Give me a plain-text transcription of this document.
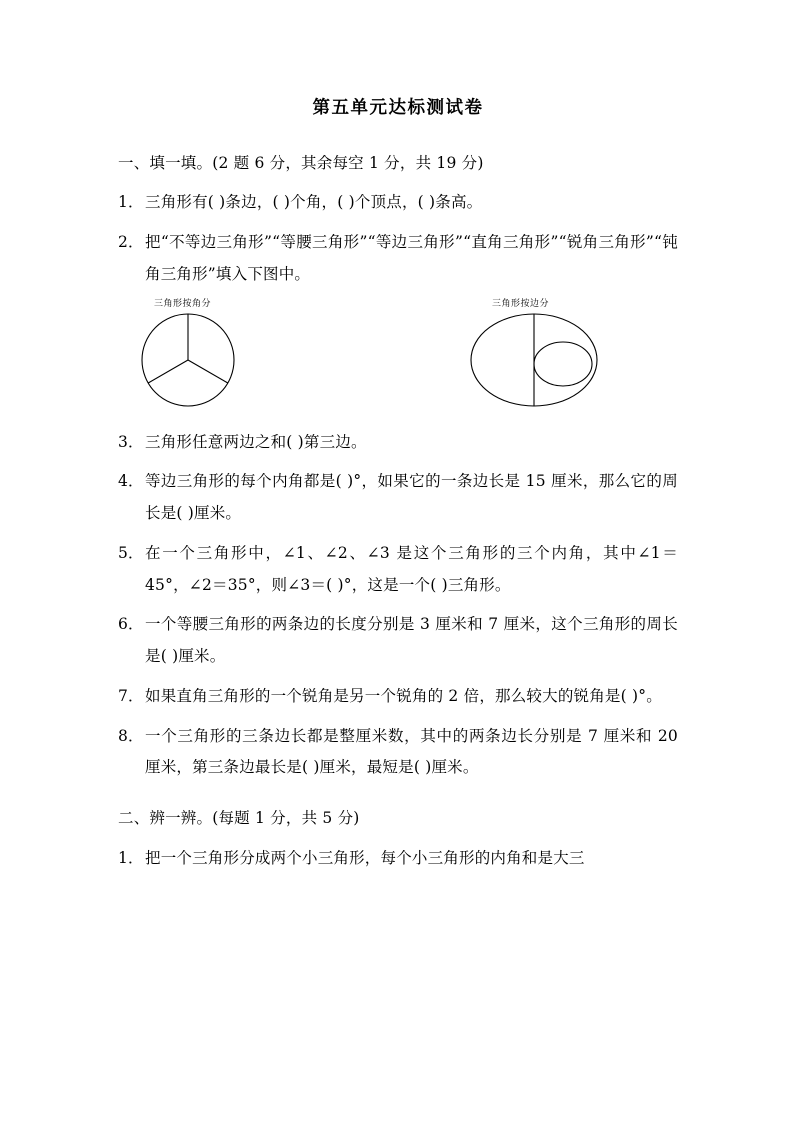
第五单元达标测试卷
一、填一填。(2 题 6 分，其余每空 1 分，共 19 分)
1． 三角形有( )条边，( )个角，( )个顶点，( )条高。
2． 把“不等边三角形”“等腰三角形”“等边三角形”“直角三角形”“锐角三角形”“钝角三角形”填入下图中。
三角形按角分	三角形按边分
3． 三角形任意两边之和( )第三边。
4． 等边三角形的每个内角都是( )°，如果它的一条边长是 15 厘米，那么它的周长是( )厘米。
5． 在一个三角形中，∠1、∠2、∠3 是这个三角形的三个内角，其中∠1＝45°，∠2＝35°，则∠3＝( )°，这是一个( )三角形。
6． 一个等腰三角形的两条边的长度分别是 3 厘米和 7 厘米，这个三角形的周长是( )厘米。
7． 如果直角三角形的一个锐角是另一个锐角的 2 倍，那么较大的锐角是( )°。
8． 一个三角形的三条边长都是整厘米数，其中的两条边长分别是 7 厘米和 20 厘米，第三条边最长是( )厘米，最短是( )厘米。
二、辨一辨。(每题 1 分，共 5 分)
1． 把一个三角形分成两个小三角形，每个小三角形的内角和是大三
